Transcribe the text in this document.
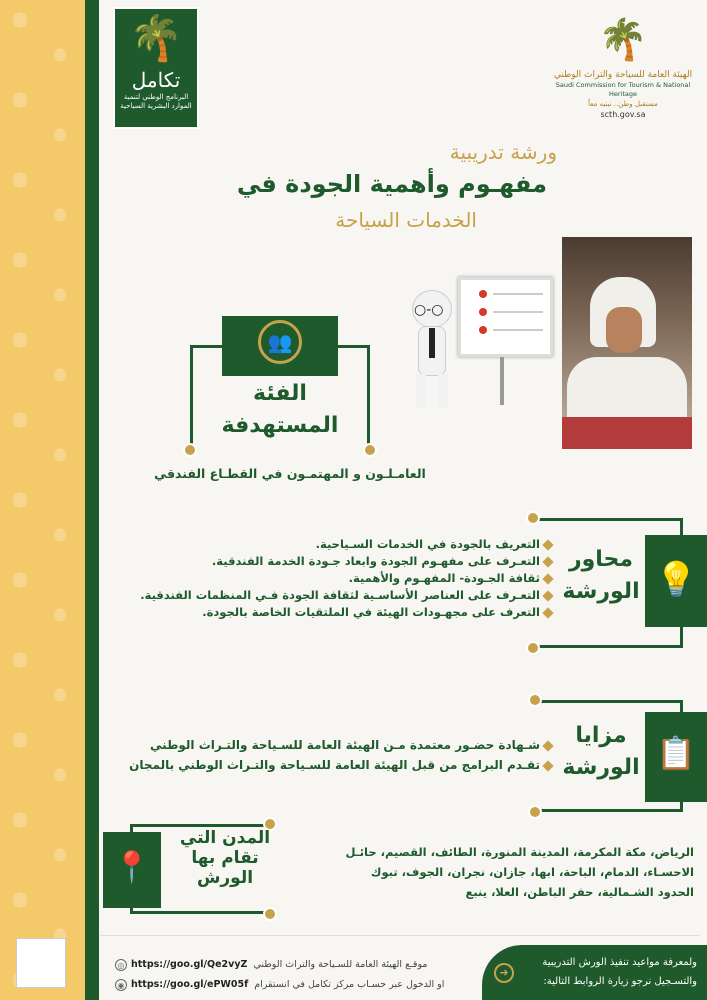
🌴
تكامل
البرنامج الوطني لتنمية الموارد البشرية السياحية
🌴
الهيئة العامة للسياحة والتراث الوطني
Saudi Commission for Tourism & National Heritage
مستقبل وطن.. نبنيه معاً
scth.gov.sa
ورشة تدريبية
مفهـوم وأهمية الجودة في
الخدمات السياحة
○-○
👥
الفئة
المستهدفة
العامـلـون و المهتمـون في القطـاع الفندقي
💡
محاور
الورشة
التعريف بالجودة في الخدمات السـياحية.
التعـرف على مفهـوم الجودة وابعاد جـودة الخدمة الفندقية.
ثقافة الجـودة- المفهـوم والأهمية.
التعـرف على العناصر الأساسـية لثقافة الجودة فـي المنظمات الفندقية.
التعرف على مجهـودات الهيئة في الملتقيات الخاصة بالجودة.
📋
مزايا
الورشة
شـهادة حضـور معتمدة مـن الهيئة العامة للسـياحة والتـراث الوطني
تقـدم البرامج من قبل الهيئة العامة للسـياحة والتـراث الوطني بالمجان
📍
المدن التي
تقام بها
الورش
الرياض، مكة المكرمة، المدينة المنورة، الطائف، القصيم، حائـل
الاحسـاء، الدمام، الباحة، ابها، جازان، نجران، الجوف، تبوك
الحدود الشـمالية، حفر الباطن، العلا، ينبع
◎ https://goo.gl/Qe2vyZ موقـع الهيئة العامة للسـياحة والتراث الوطني
◉ https://goo.gl/ePW05f او الدخول عبر حسـاب مركز تكامل في انستقرام
ولمعرفة مواعيد تنفيذ الورش التدريبية
والتسـجيل نرجو زيارة الروابط التالية:
➜
